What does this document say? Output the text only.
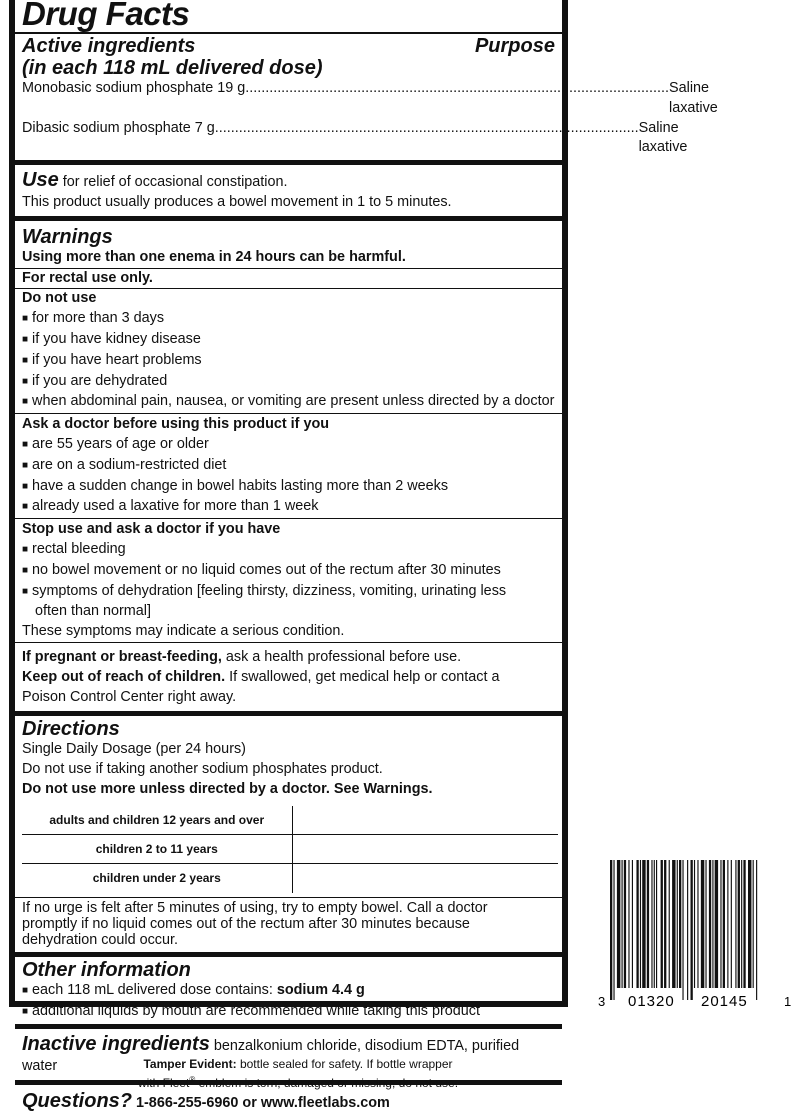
Drug Facts
Active ingredients	Purpose
(in each 118 mL delivered dose)
Monobasic sodium phosphate 19 g.......................................................................................................... Saline laxative
Dibasic sodium phosphate 7 g.......................................................................................................... Saline laxative
Use for relief of occasional constipation.
This product usually produces a bowel movement in 1 to 5 minutes.
Warnings
Using more than one enema in 24 hours can be harmful.
For rectal use only.
Do not use
■ for more than 3 days
■ if you have kidney disease
■ if you have heart problems
■ if you are dehydrated
■ when abdominal pain, nausea, or vomiting are present unless directed by a doctor
Ask a doctor before using this product if you
■ are 55 years of age or older
■ are on a sodium-restricted diet
■ have a sudden change in bowel habits lasting more than 2 weeks
■ already used a laxative for more than 1 week
Stop use and ask a doctor if you have
■ rectal bleeding
■ no bowel movement or no liquid comes out of the rectum after 30 minutes
■ symptoms of dehydration [feeling thirsty, dizziness, vomiting, urinating less
often than normal]
These symptoms may indicate a serious condition.
If pregnant or breast-feeding, ask a health professional before use.
Keep out of reach of children. If swallowed, get medical help or contact a
Poison Control Center right away.
Directions
Single Daily Dosage (per 24 hours)
Do not use if taking another sodium phosphates product.
Do not use more unless directed by a doctor. See Warnings.
adults and children 12 years and over	
children 2 to 11 years	
children under 2 years	
If no urge is felt after 5 minutes of using, try to empty bowel. Call a doctor
promptly if no liquid comes out of the rectum after 30 minutes because
dehydration could occur.
Other information
■ each 118 mL delivered dose contains: sodium 4.4 g
■ additional liquids by mouth are recommended while taking this product
Inactive ingredients benzalkonium chloride, disodium EDTA, purified water
Questions? 1-866-255-6960 or www.fleetlabs.com
3 01320 20145	1
Tamper Evident: bottle sealed for safety. If bottle wrapper
with Fleet® emblem is torn, damaged or missing, do not use.
